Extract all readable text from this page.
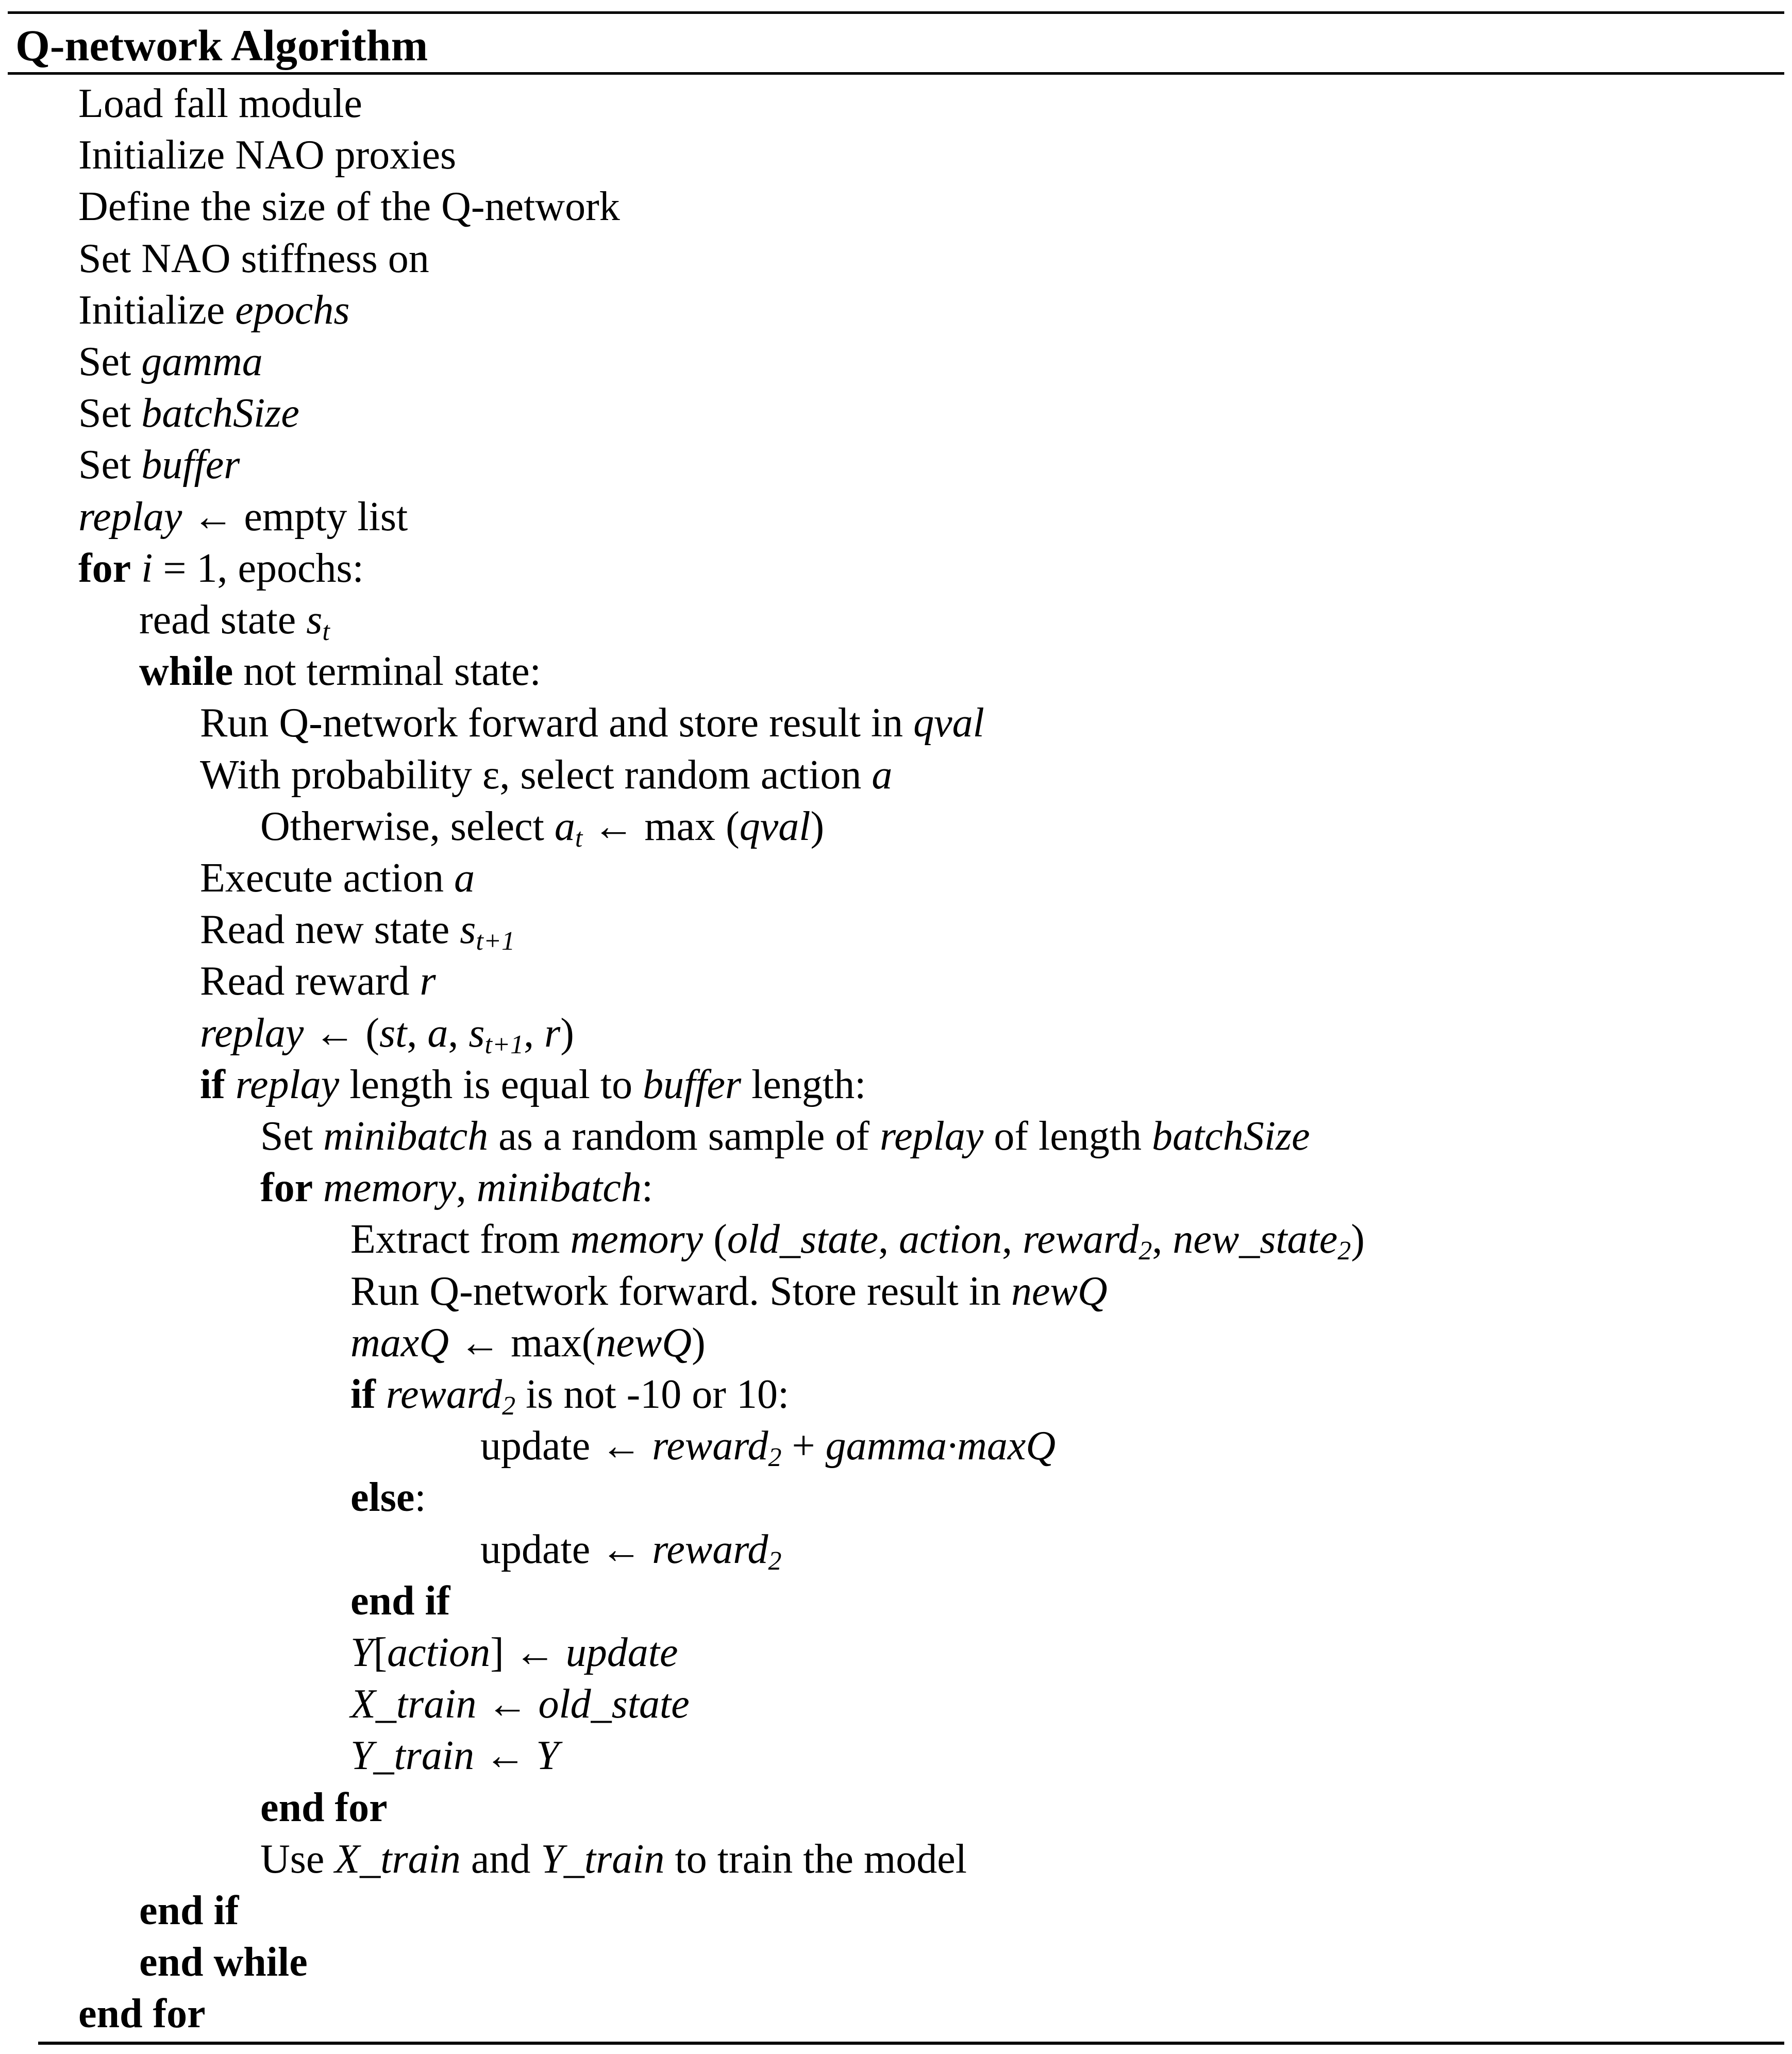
Q-network Algorithm

Load fall module

Initialize NAO proxies

Define the size of the Q-network

Set NAO stiffness on

Initialize epochs

Set gamma

Set batchSize

Set buffer

replay ← empty list

for i = 1, epochs:

read state $s_t$

while not terminal state:

Run Q-network forward and store result in qval

With probability ε, select random action a

Otherwise, select $a_t$ ← max (qval)

Execute action a

Read new state $s_{t+1}$

Read reward r

replay ← (st, a, $s_{t+1}$, r)

if replay length is equal to buffer length:

Set minibatch as a random sample of replay of length batchSize

for memory, minibatch:

Extract from memory (old_state, action, reward$_2$, new_state$_2$)

Run Q-network forward. Store result in newQ

maxQ ← max(newQ)

if reward$_2$ is not -10 or 10:

update ← reward$_2$ + gamma·maxQ

else:

update ← reward$_2$

end if

Y[action] ← update

X_train ← old_state

Y_train ← Y

end for

Use X_train and Y_train to train the model

end if

end while

end for
